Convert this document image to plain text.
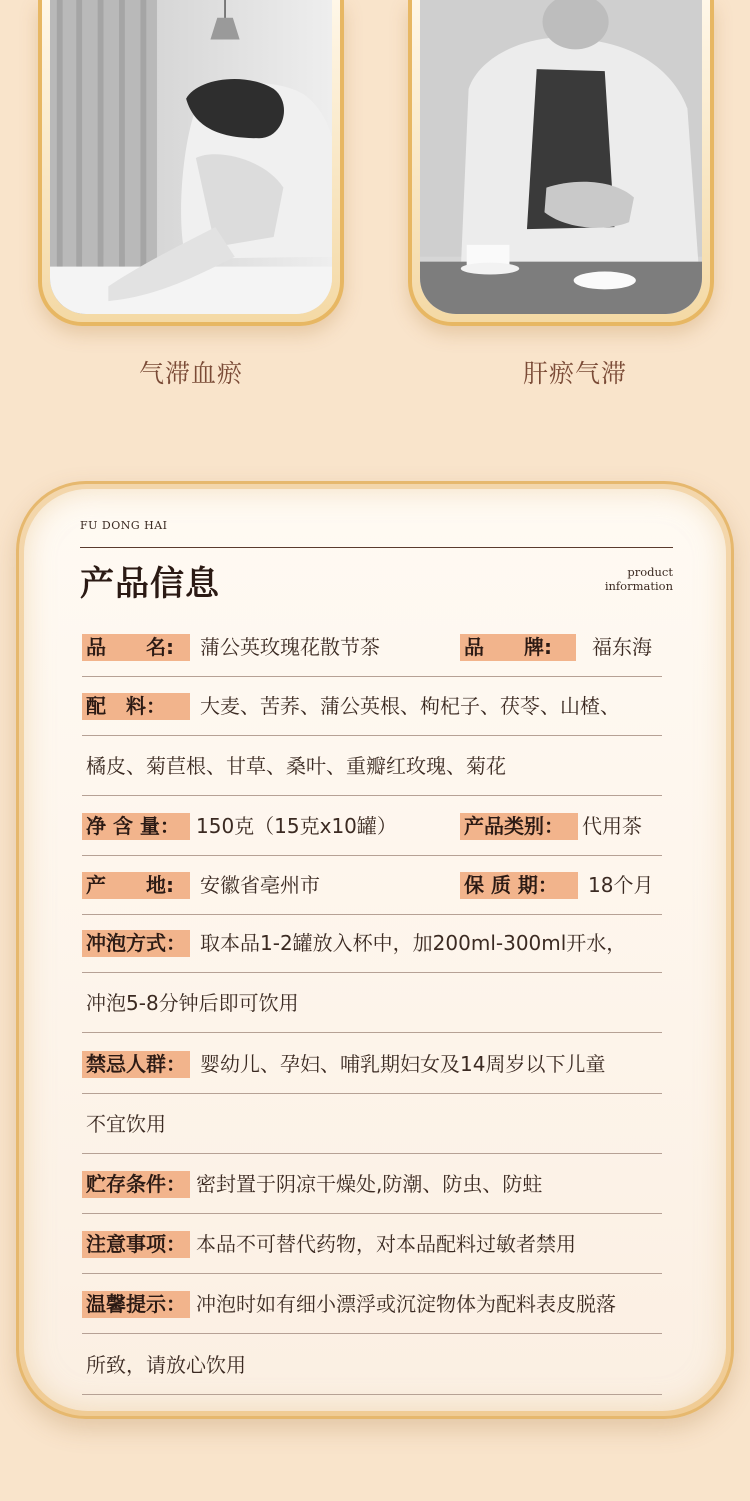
气滞血瘀	肝瘀气滞
FU DONG HAI
产品信息	product
information
品　　名:	蒲公英玫瑰花散节茶	品　　牌:	福东海
配　料：	大麦、苦荞、蒲公英根、枸杞子、茯苓、山楂、
橘皮、菊苣根、甘草、桑叶、重瓣红玫瑰、菊花
净 含 量： 150克（15克x10罐）	产品类别： 代用茶
产　　地:	安徽省亳州市	保 质 期：	18个月
冲泡方式： 取本品1-2罐放入杯中，加200ml-300ml开水，
冲泡5-8分钟后即可饮用
禁忌人群： 婴幼儿、孕妇、哺乳期妇女及14周岁以下儿童
不宜饮用
贮存条件： 密封置于阴凉干燥处,防潮、防虫、防蛀
注意事项： 本品不可替代药物，对本品配料过敏者禁用
温馨提示： 冲泡时如有细小漂浮或沉淀物体为配料表皮脱落
所致，请放心饮用
